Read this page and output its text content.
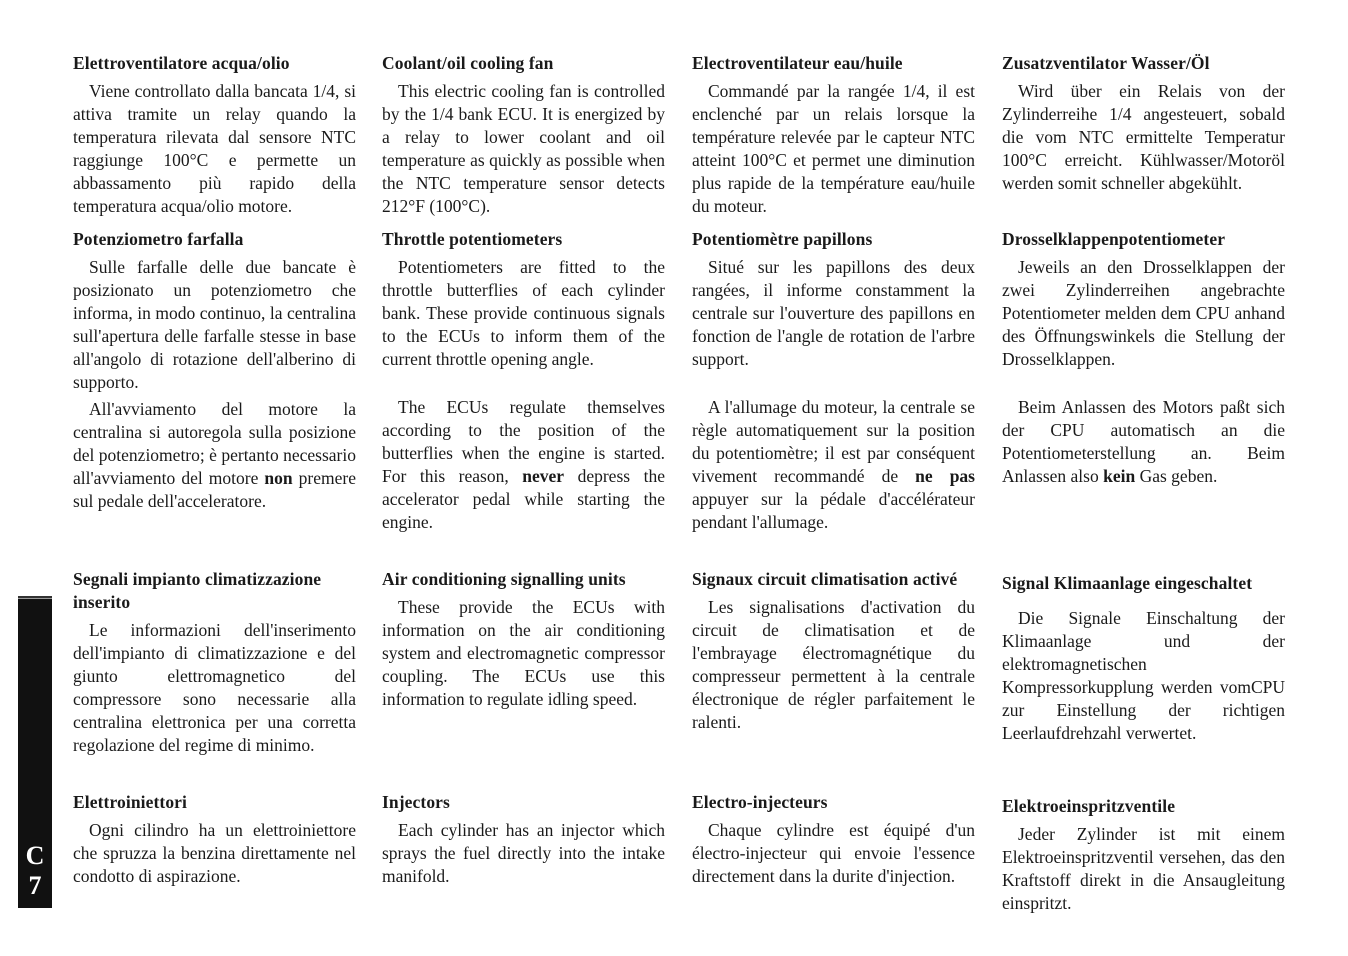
C
7
Elettroventilatore acqua/olio
Viene controllato dalla bancata 1/4, si attiva tramite un relay quando la temperatura rilevata dal sensore NTC raggiunge 100°C e permette un abbassamento più rapido della temperatura acqua/olio motore.
Potenziometro farfalla
Sulle farfalle delle due bancate è posizionato un potenziometro che informa, in modo continuo, la centralina sull'apertura delle farfalle stesse in base all'angolo di rotazione dell'alberino di supporto.
All'avviamento del motore la centralina si autoregola sulla posizione del potenziometro; è pertanto necessario all'avviamento del motore non premere sul pedale dell'acceleratore.
Segnali impianto climatizzazione inserito
Le informazioni dell'inserimento dell'impianto di climatizzazione e del giunto elettromagnetico del compressore sono necessarie alla centralina elettronica per una corretta regolazione del regime di minimo.
Elettroiniettori
Ogni cilindro ha un elettroiniettore che spruzza la benzina direttamente nel condotto di aspirazione.
Coolant/oil cooling fan
This electric cooling fan is controlled by the 1/4 bank ECU. It is energized by a relay to lower coolant and oil temperature as quickly as possible when the NTC temperature sensor detects 212°F (100°C).
Throttle potentiometers
Potentiometers are fitted to the throttle butterflies of each cylinder bank. These provide continuous signals to the ECUs to inform them of the current throttle opening angle.
The ECUs regulate themselves according to the position of the butterflies when the engine is started. For this reason, never depress the accelerator pedal while starting the engine.
Air conditioning signalling units
These provide the ECUs with information on the air conditioning system and electromagnetic compressor coupling. The ECUs use this information to regulate idling speed.
Injectors
Each cylinder has an injector which sprays the fuel directly into the intake manifold.
Electroventilateur eau/huile
Commandé par la rangée 1/4, il est enclenché par un relais lorsque la température relevée par le capteur NTC atteint 100°C et permet une diminution plus rapide de la température eau/huile du moteur.
Potentiomètre papillons
Situé sur les papillons des deux rangées, il informe constamment la centrale sur l'ouverture des papillons en fonction de l'angle de rotation de l'arbre support.
A l'allumage du moteur, la centrale se règle automatiquement sur la position du potentiomètre; il est par conséquent vivement recommandé de ne pas appuyer sur la pédale d'accélérateur pendant l'allumage.
Signaux circuit climatisation activé
Les signalisations d'activation du circuit de climatisation et de l'embrayage électromagnétique du compresseur permettent à la centrale électronique de régler parfaitement le ralenti.
Electro-injecteurs
Chaque cylindre est équipé d'un électro-injecteur qui envoie l'essence directement dans la durite d'injection.
Zusatzventilator Wasser/Öl
Wird über ein Relais von der Zylinderreihe 1/4 angesteuert, sobald die vom NTC ermittelte Temperatur 100°C erreicht. Kühlwasser/Motoröl werden somit schneller abgekühlt.
Drosselklappenpotentiometer
Jeweils an den Drosselklappen der zwei Zylinderreihen angebrachte Potentiometer melden dem CPU anhand des Öffnungswinkels die Stellung der Drosselklappen.
Beim Anlassen des Motors paßt sich der CPU automatisch an die Potentiometerstellung an. Beim Anlassen also kein Gas geben.
Signal Klimaanlage eingeschaltet
Die Signale Einschaltung der Klimaanlage und der elektromagnetischen Kompressorkupplung werden vomCPU zur Einstellung der richtigen Leerlaufdrehzahl verwertet.
Elektroeinspritzventile
Jeder Zylinder ist mit einem Elektroeinspritzventil versehen, das den Kraftstoff direkt in die Ansaugleitung einspritzt.
